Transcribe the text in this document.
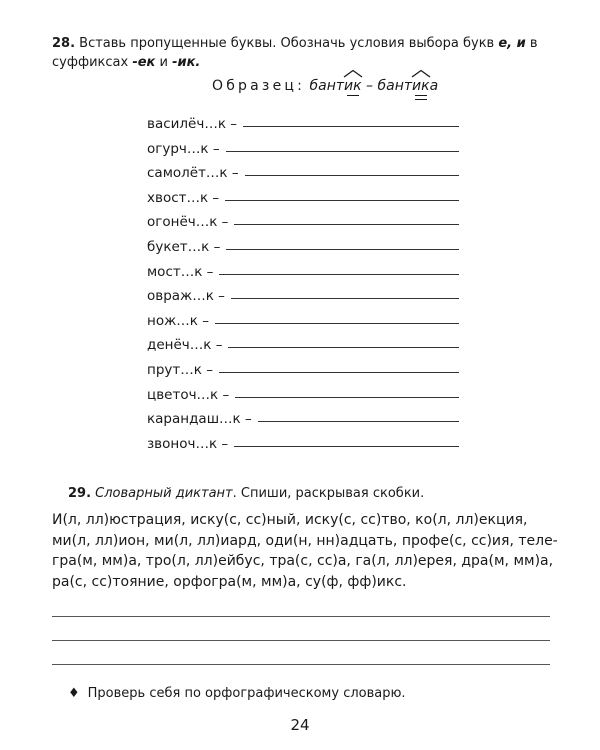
28. Вставь пропущенные буквы. Обозначь условия выбора букв е, и в суффиксах -ек и -ик.
Образец: бант
ик
– бант
ик
а
василёч…к –
огурч…к –
самолёт…к –
хвост…к –
огонёч…к –
букет…к –
мост…к –
овраж…к –
нож…к –
денёч…к –
прут…к –
цветоч…к –
карандаш…к –
звоноч…к –
29. Словарный диктант. Спиши, раскрывая скобки.
И(л, лл)юстрация, иску(с, сс)ный, иску(с, сс)тво, ко(л, лл)екция, ми(л, лл)ион, ми(л, лл)иард, оди(н, нн)адцать, профе(с, сс)ия, теле-гра(м, мм)а, тро(л, лл)ейбус, тра(с, сс)а, га(л, лл)ерея, дра(м, мм)а, ра(с, сс)тояние, орфогра(м, мм)а, су(ф, фф)икс.
♦ Проверь себя по орфографическому словарю.
24
